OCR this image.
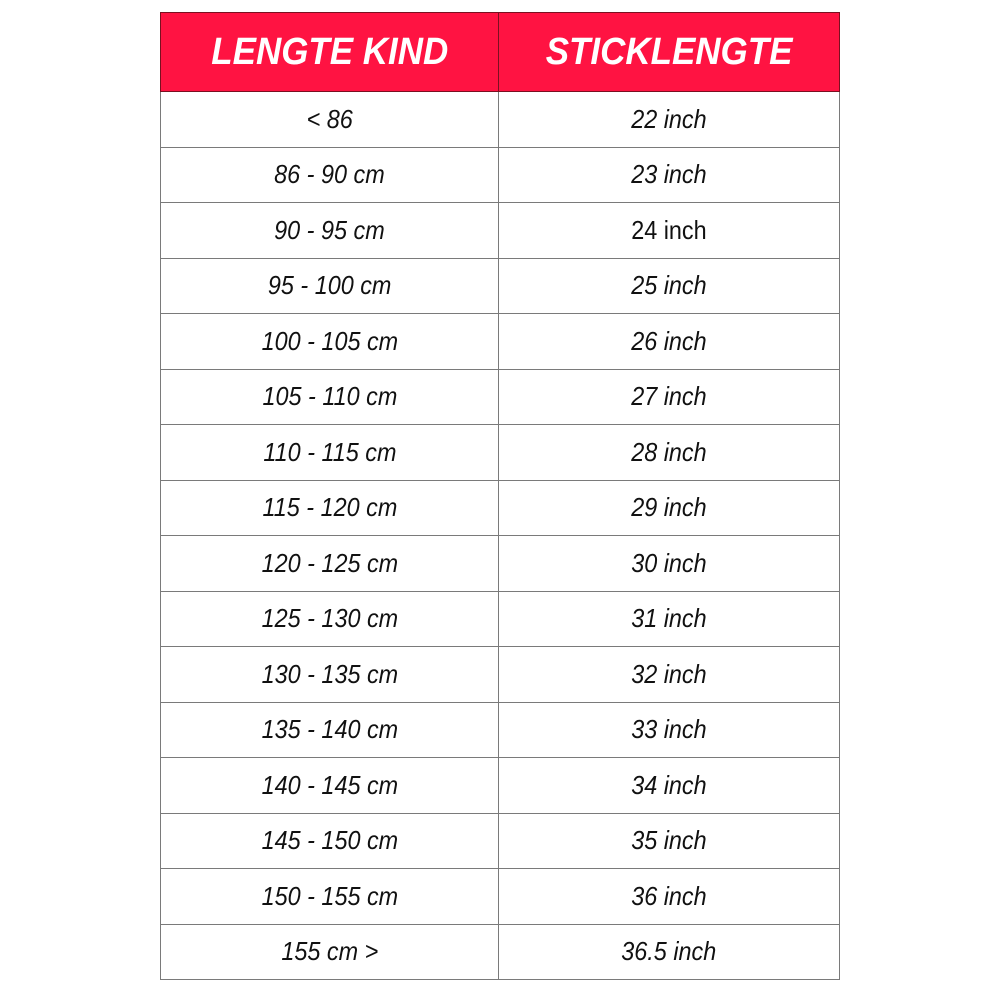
LENGTE KIND	STICKLENGTE
< 86	22 inch
86 - 90 cm	23 inch
90 - 95 cm	24 inch
95 - 100 cm	25 inch
100 - 105 cm	26 inch
105 - 110 cm	27 inch
110 - 115 cm	28 inch
115 - 120 cm	29 inch
120 - 125 cm	30 inch
125 - 130 cm	31 inch
130 - 135 cm	32 inch
135 - 140 cm	33 inch
140 - 145 cm	34 inch
145 - 150 cm	35 inch
150 - 155 cm	36 inch
155 cm >	36.5 inch
